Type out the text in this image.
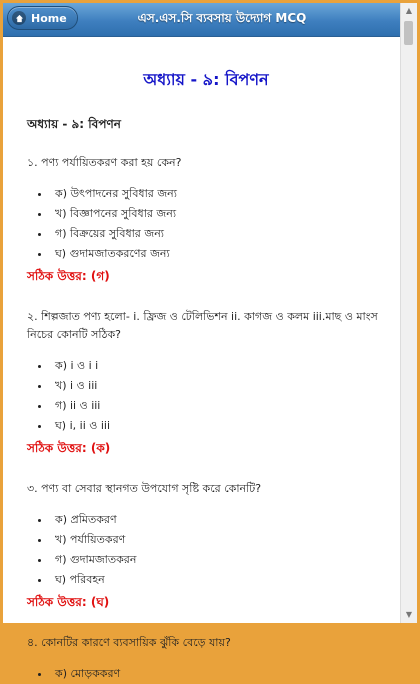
Home	এস.এস.সি ব্যবসায় উদ্যোগ MCQ
অধ্যায় - ৯: বিপণন
অধ্যায় - ৯: বিপণন
১. পণ্য পর্যায়িতকরণ করা হয় কেন?
• ক) উৎপাদনের সুবিধার জন্য
• খ) বিজ্ঞাপনের সুবিধার জন্য
• গ) বিক্রয়ের সুবিধার জন্য
• ঘ) গুদামজাতকরণের জন্য
সঠিক উত্তর: (গ)
২. শিল্পজাত পণ্য হলো- i. ফ্রিজ ও টেলিভিশন ii. কাগজ ও কলম iii.মাছ ও মাংস নিচের কোনটি সঠিক?
• ক) i ও i i
• খ) i ও iii
• গ) ii ও iii
• ঘ) i, ii ও iii
সঠিক উত্তর: (ক)
৩. পণ্য বা সেবার স্থানগত উপযোগ সৃষ্টি করে কোনটি?
• ক) প্রমিতকরণ
• খ) পর্যায়িতকরণ
• গ) গুদামজাতকরন
• ঘ) পরিবহন
সঠিক উত্তর: (ঘ)
৪. কোনটির কারণে ব্যবসায়িক ঝুঁকি বেড়ে যায়?
• ক) মোড়ককরণ
▲
▼
